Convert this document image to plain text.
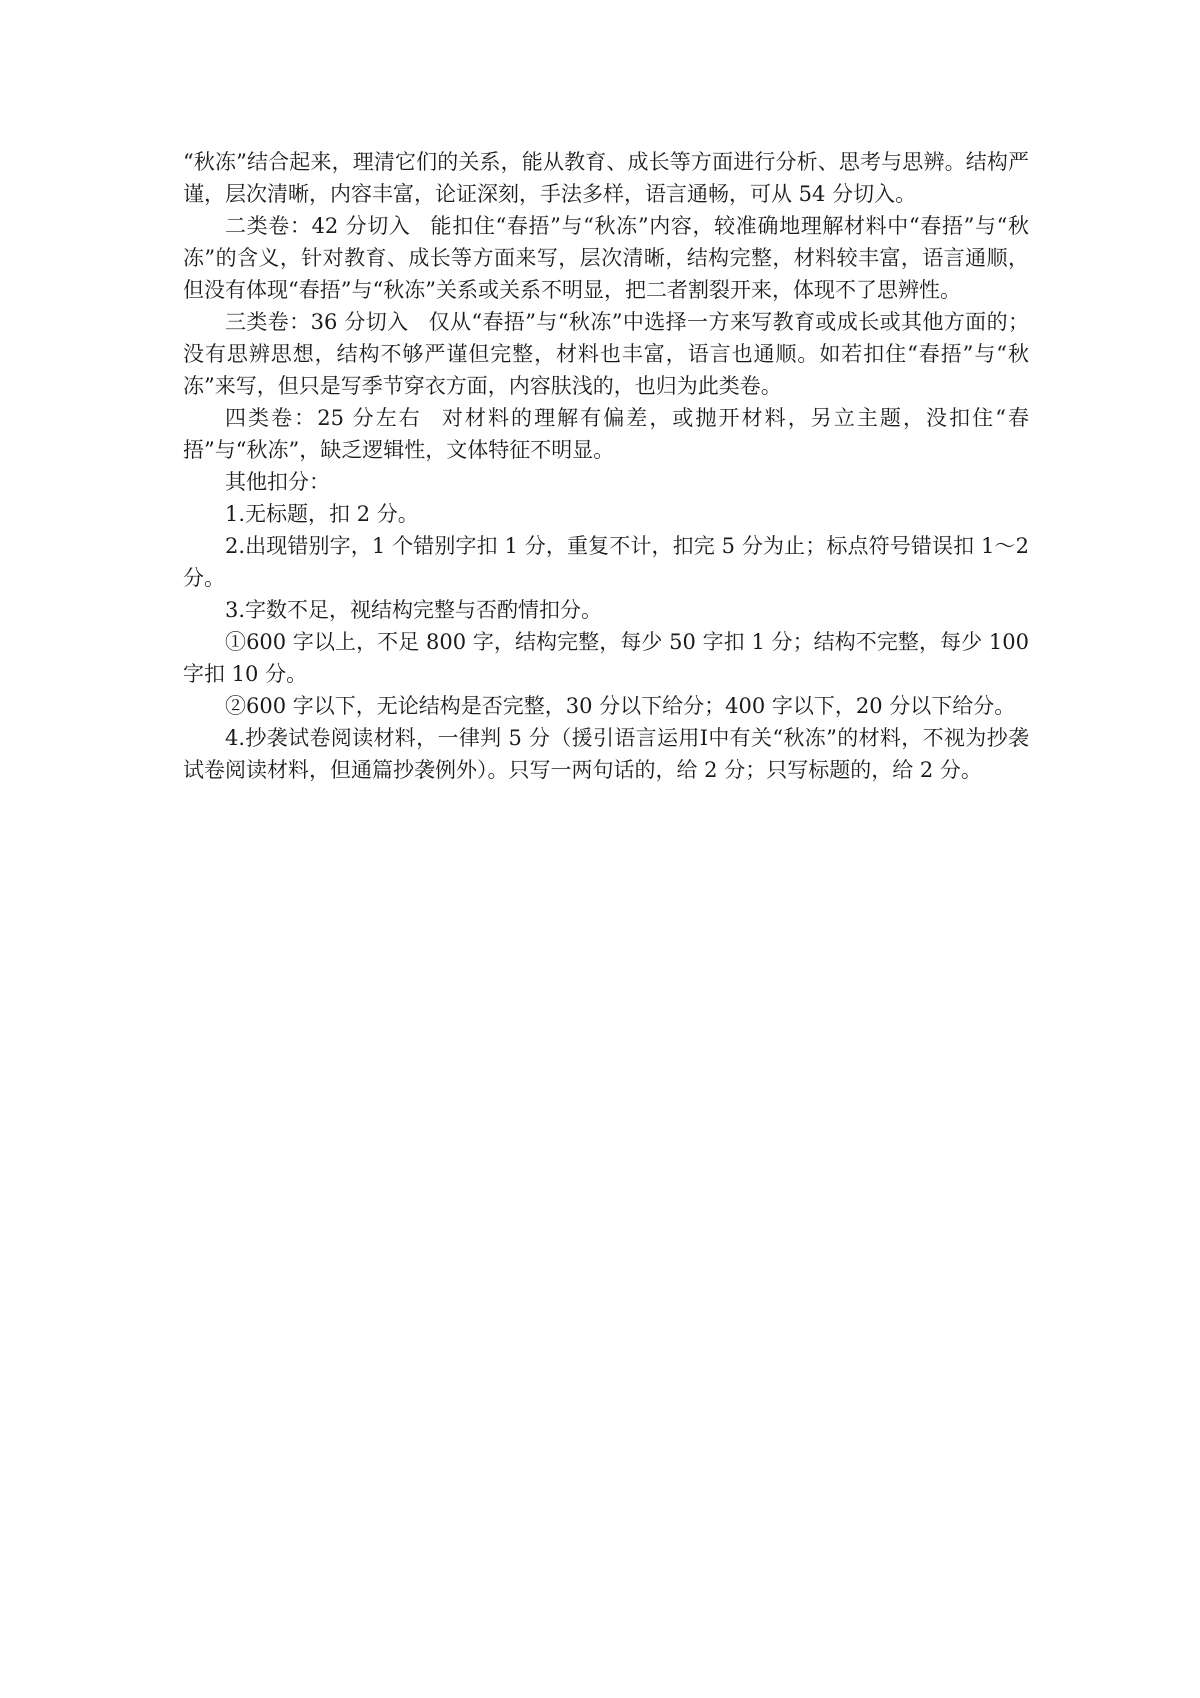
“秋冻”结合起来，理清它们的关系，能从教育、成长等方面进行分析、思考与思辨。结构严谨，层次清晰，内容丰富，论证深刻，手法多样，语言通畅，可从 54 分切入。

二类卷：42 分切入 能扣住“春捂”与“秋冻”内容，较准确地理解材料中“春捂”与“秋冻”的含义，针对教育、成长等方面来写，层次清晰，结构完整，材料较丰富，语言通顺，但没有体现“春捂”与“秋冻”关系或关系不明显，把二者割裂开来，体现不了思辨性。

三类卷：36 分切入 仅从“春捂”与“秋冻”中选择一方来写教育或成长或其他方面的；没有思辨思想，结构不够严谨但完整，材料也丰富，语言也通顺。如若扣住“春捂”与“秋冻”来写，但只是写季节穿衣方面，内容肤浅的，也归为此类卷。

四类卷：25 分左右 对材料的理解有偏差，或抛开材料，另立主题，没扣住“春捂”与“秋冻”，缺乏逻辑性，文体特征不明显。

其他扣分：

1.无标题，扣 2 分。

2.出现错别字，1 个错别字扣 1 分，重复不计，扣完 5 分为止；标点符号错误扣 1～2 分。

3.字数不足，视结构完整与否酌情扣分。

①600 字以上，不足 800 字，结构完整，每少 50 字扣 1 分；结构不完整，每少 100 字扣 10 分。

②600 字以下，无论结构是否完整，30 分以下给分；400 字以下，20 分以下给分。

4.抄袭试卷阅读材料，一律判 5 分（援引语言运用Ⅰ中有关“秋冻”的材料，不视为抄袭试卷阅读材料，但通篇抄袭例外）。只写一两句话的，给 2 分；只写标题的，给 2 分。
